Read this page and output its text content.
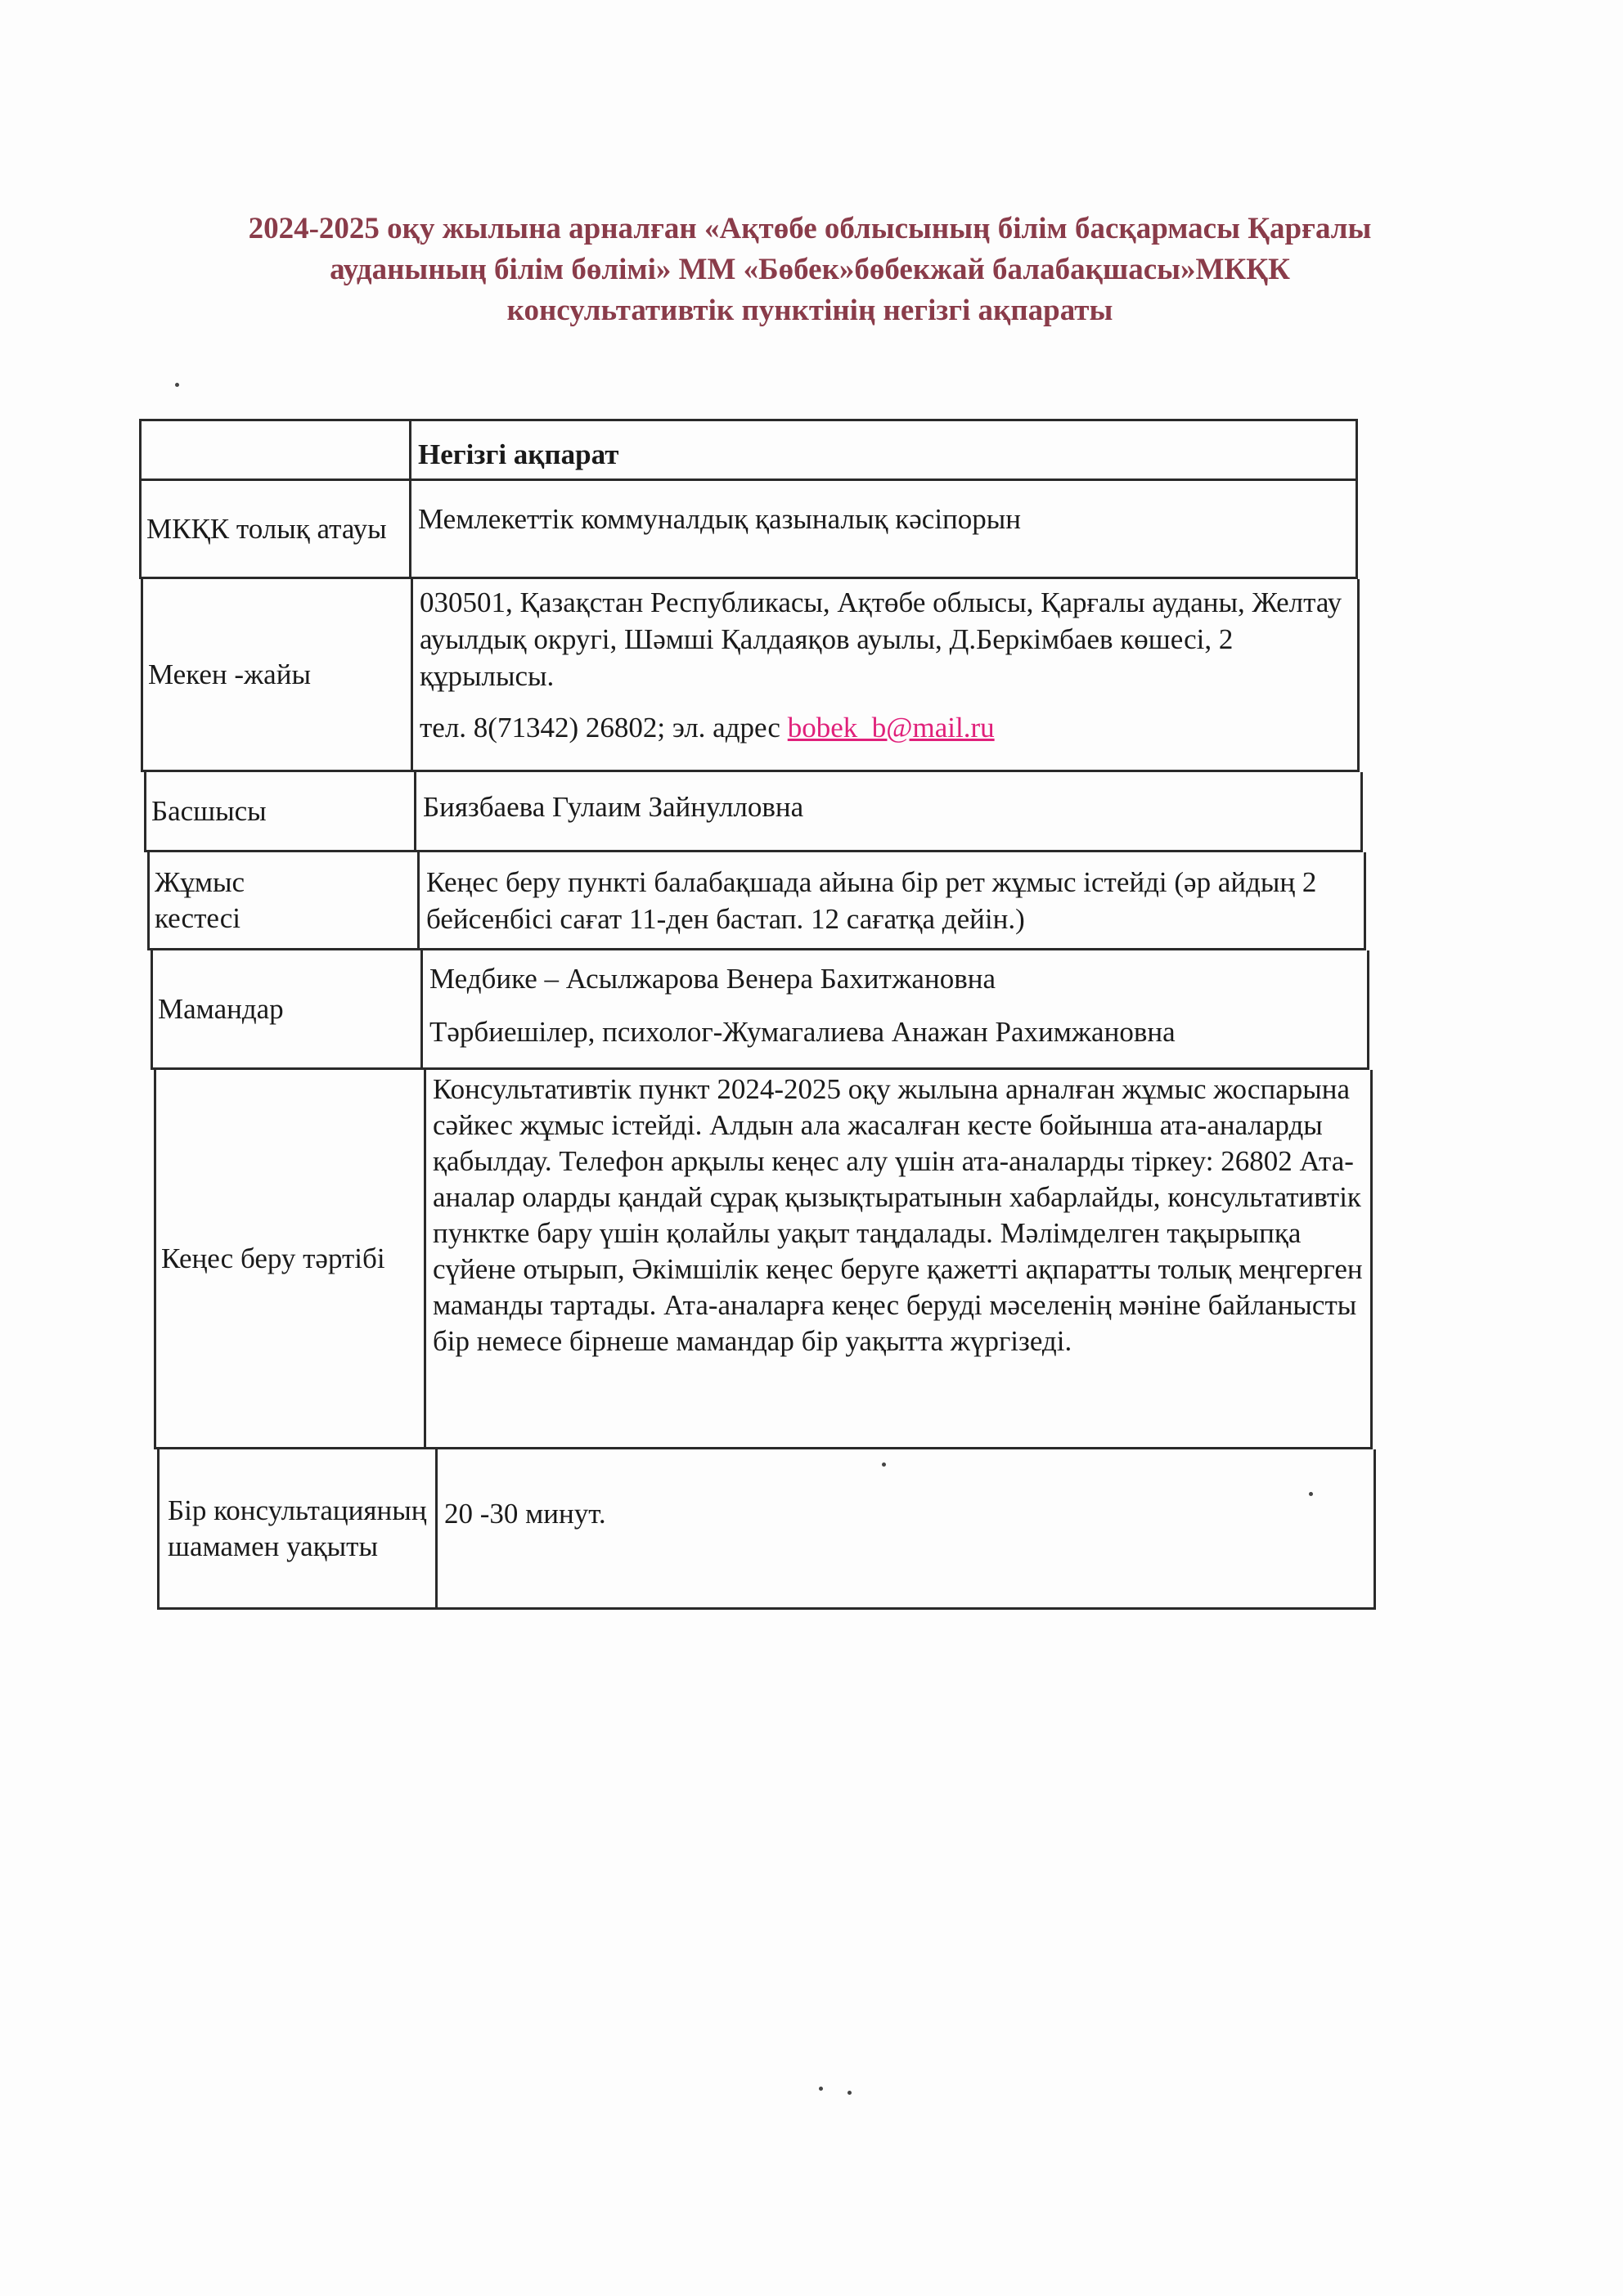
2024-2025 оқу жылына арналған «Ақтөбе облысының білім басқармасы Қарғалы
ауданының білім бөлімі» ММ «Бөбек»бөбекжай балабақшасы»МКҚК
консультативтік пунктінің негізгі ақпараты
Негізгі ақпарат
МКҚК толық атауы	Мемлекеттік коммуналдық қазыналық кәсіпорын
Мекен -жайы
030501, Қазақстан Республикасы, Ақтөбе облысы, Қарғалы ауданы, Желтау ауылдық округі, Шәмші Қалдаяқов ауылы, Д.Беркімбаев көшесі, 2 құрылысы.
тел. 8(71342) 26802; эл. адрес bobek_b@mail.ru
Басшысы	Биязбаева Гулаим Зайнулловна
Жұмыс кестесі
Кеңес беру пункті балабақшада айына бір рет жұмыс істейді (әр айдың 2 бейсенбісі сағат 11-ден бастап. 12 сағатқа дейін.)
Мамандар
Медбике – Асылжарова Венера Бахитжановна
Тәрбиешілер, психолог-Жумагалиева Анажан Рахимжановна
Кеңес беру тәртібі
Консультативтік пункт 2024-2025 оқу жылына арналған жұмыс жоспарына сәйкес жұмыс істейді. Алдын ала жасалған кесте бойынша ата-аналарды қабылдау. Телефон арқылы кеңес алу үшін ата-аналарды тіркеу: 26802 Ата-аналар оларды қандай сұрақ қызықтыратынын хабарлайды, консультативтік пунктке бару үшін қолайлы уақыт таңдалады. Мәлімделген тақырыпқа сүйене отырып, Әкімшілік кеңес беруге қажетті ақпаратты толық меңгерген маманды тартады. Ата-аналарға кеңес беруді мәселенің мәніне байланысты бір немесе бірнеше мамандар бір уақытта жүргізеді.
Бір консультацияның шамамен уақыты
20 -30 минут.
